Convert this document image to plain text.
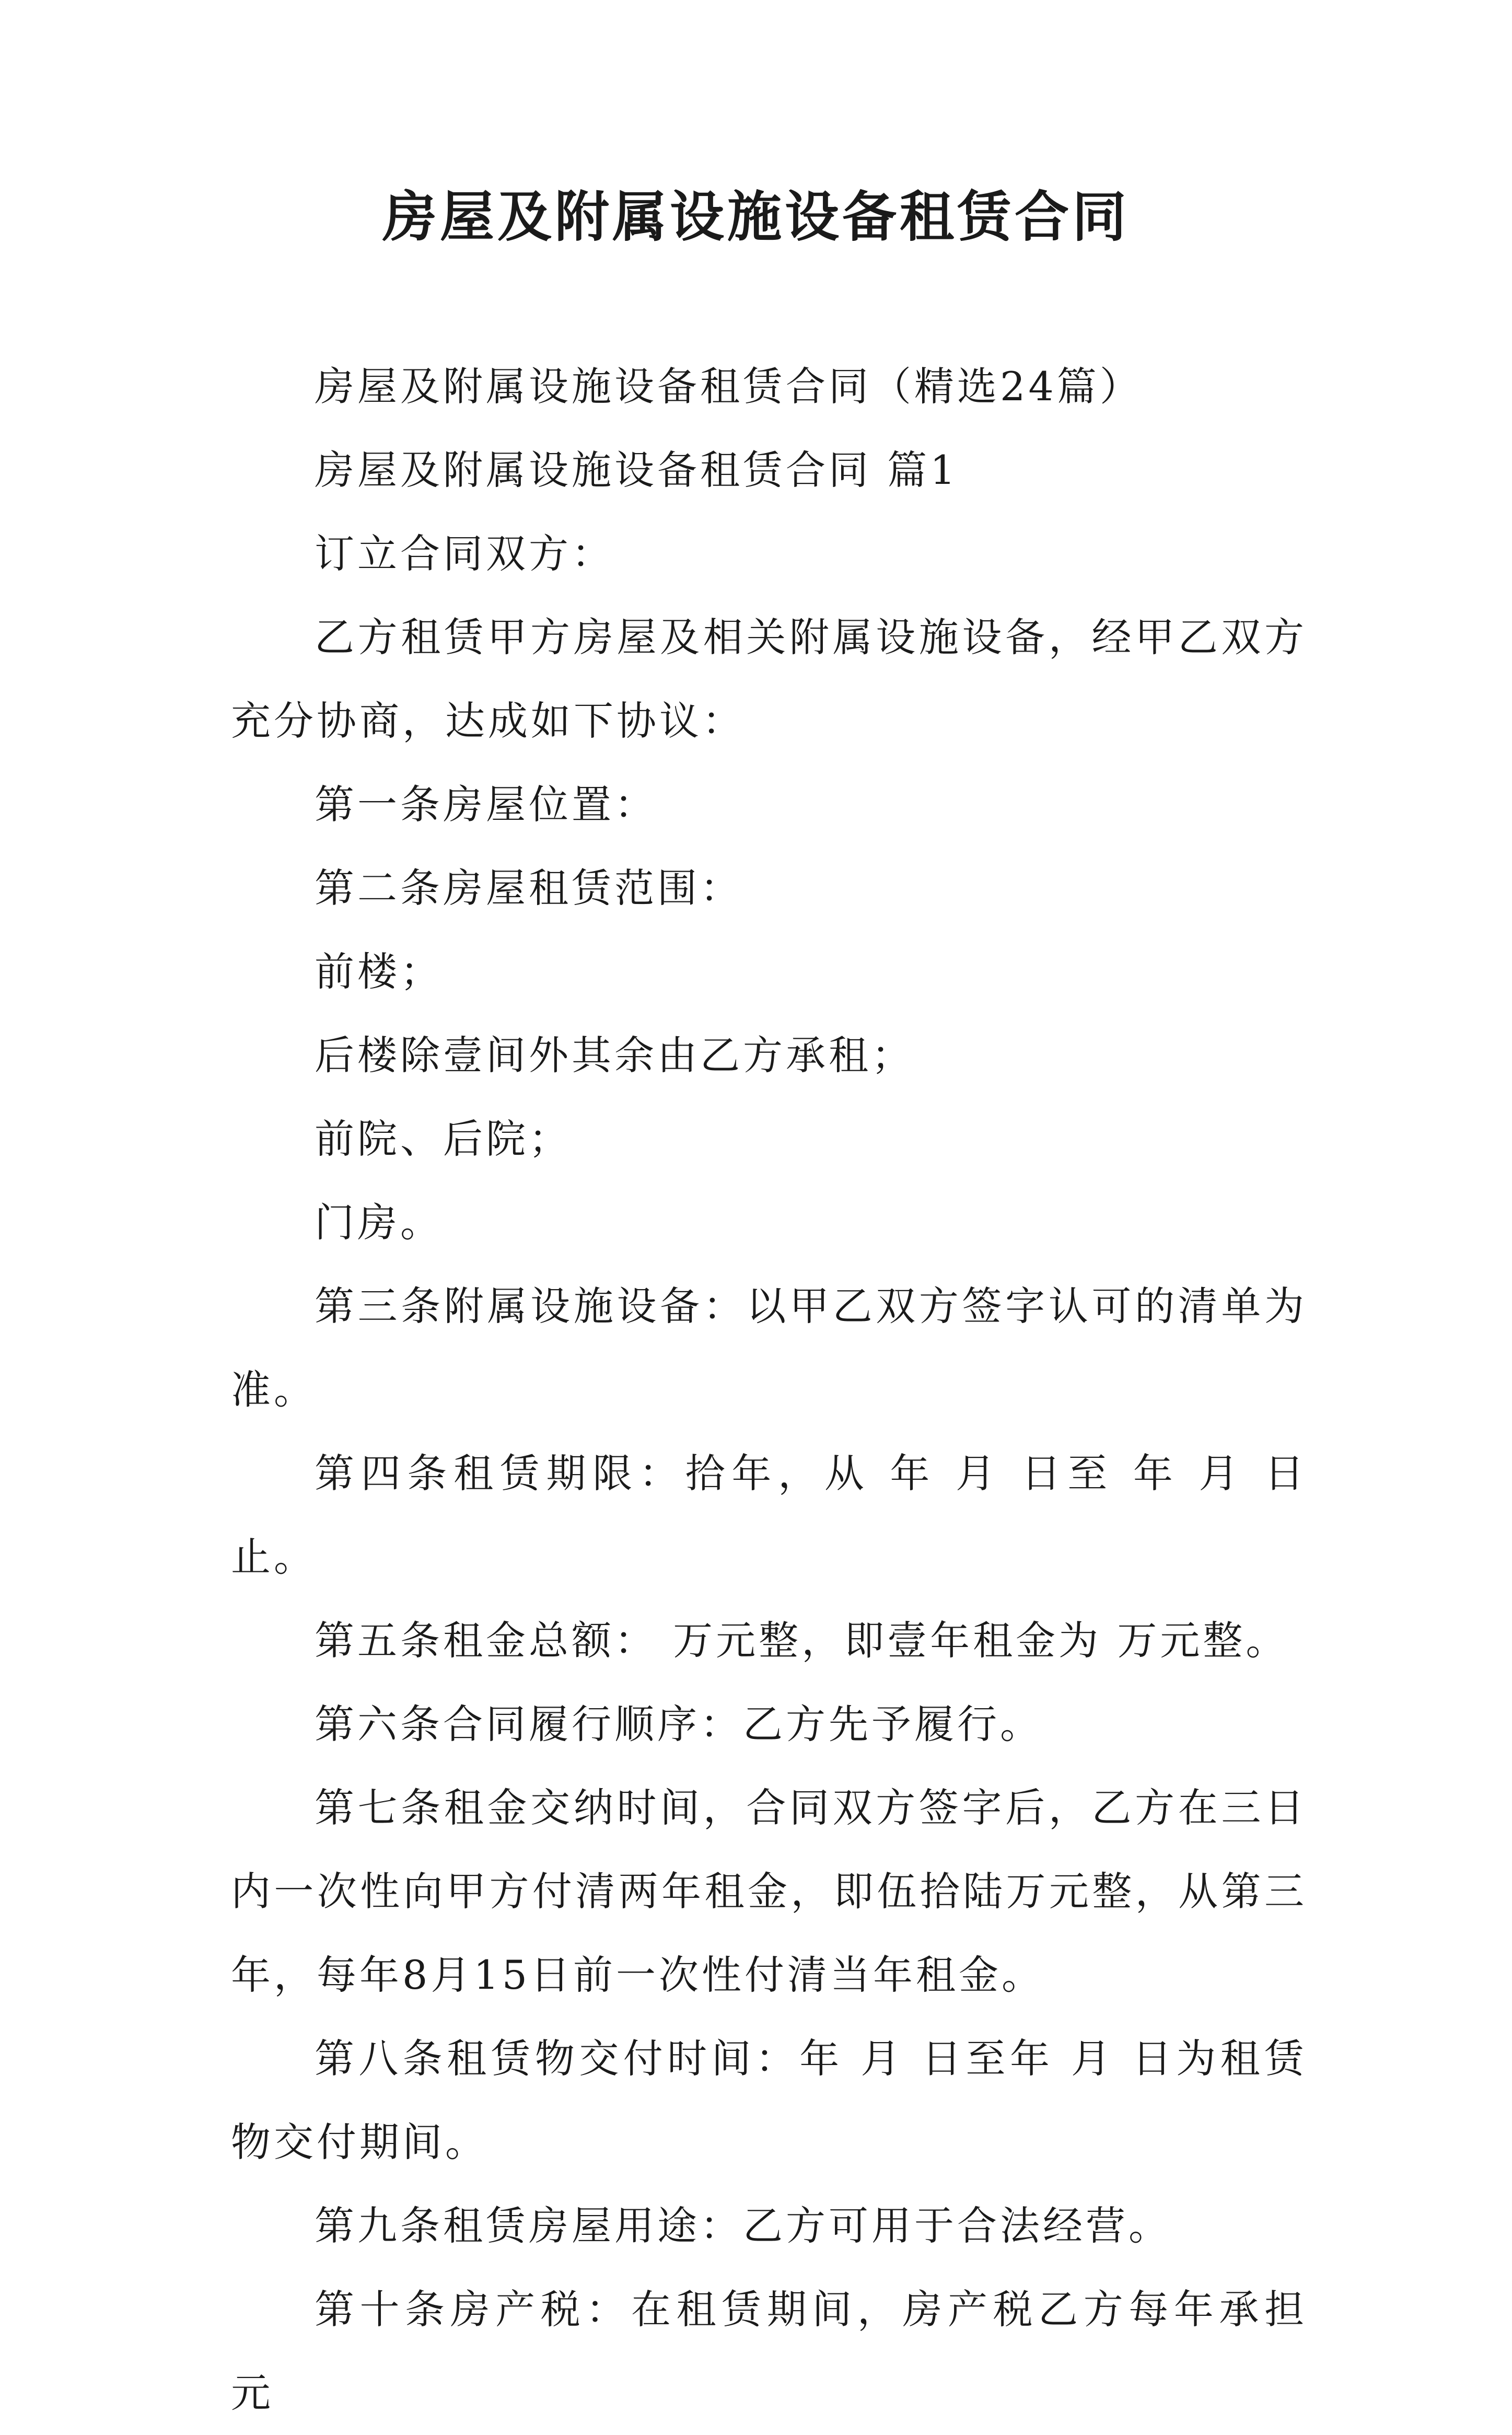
房屋及附属设施设备租赁合同

房屋及附属设施设备租赁合同（精选24篇）

房屋及附属设施设备租赁合同 篇1

订立合同双方：

乙方租赁甲方房屋及相关附属设施设备，经甲乙双方充分协商，达成如下协议：

第一条房屋位置：

第二条房屋租赁范围：

前楼；

后楼除壹间外其余由乙方承租；

前院、后院；

门房。

第三条附属设施设备：以甲乙双方签字认可的清单为准。

第四条租赁期限：拾年，从 年 月 日至 年 月 日止。

第五条租金总额： 万元整，即壹年租金为 万元整。

第六条合同履行顺序：乙方先予履行。

第七条租金交纳时间，合同双方签字后，乙方在三日内一次性向甲方付清两年租金，即伍拾陆万元整，从第三年，每年8月15日前一次性付清当年租金。

第八条租赁物交付时间：年 月 日至年 月 日为租赁物交付期间。

第九条租赁房屋用途：乙方可用于合法经营。

第十条房产税：在租赁期间，房产税乙方每年承担 元
